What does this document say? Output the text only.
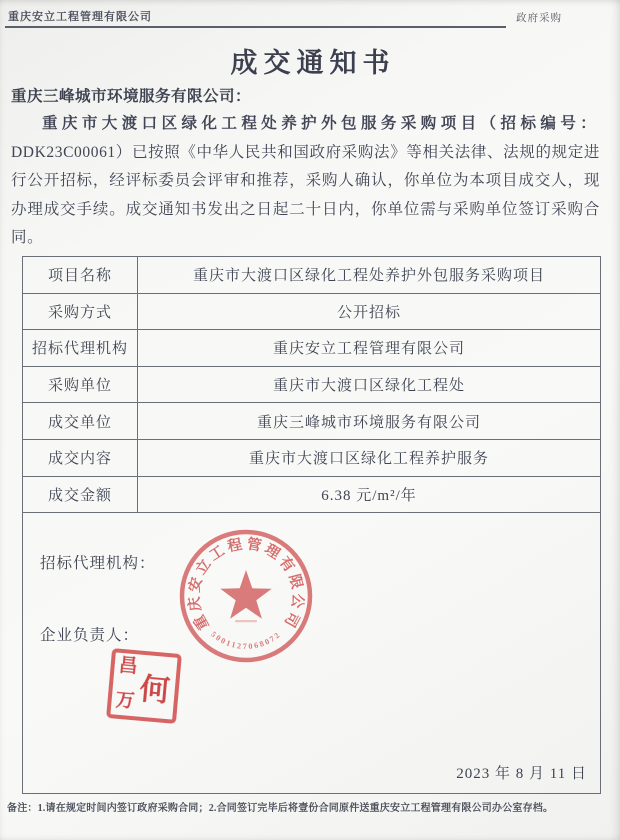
重庆安立工程管理有限公司	政府采购
成交通知书
重庆三峰城市环境服务有限公司：
重庆市大渡口区绿化工程处养护外包服务采购项目（招标编号：DDK23C00061）已按照《中华人民共和国政府采购法》等相关法律、法规的规定进行公开招标，经评标委员会评审和推荐，采购人确认，你单位为本项目成交人，现办理成交手续。成交通知书发出之日起二十日内，你单位需与采购单位签订采购合同。
项目名称	重庆市大渡口区绿化工程处养护外包服务采购项目
采购方式	公开招标
招标代理机构	重庆安立工程管理有限公司
采购单位	重庆市大渡口区绿化工程处
成交单位	重庆三峰城市环境服务有限公司
成交内容	重庆市大渡口区绿化工程养护服务
成交金额	6.38 元/m²/年

招标代理机构：
企业负责人：
重庆安立工程管理有限公司
5001127068072
昌
万 何
2023 年 8 月 11 日
备注：1.请在规定时间内签订政府采购合同；2.合同签订完毕后将壹份合同原件送重庆安立工程管理有限公司办公室存档。
